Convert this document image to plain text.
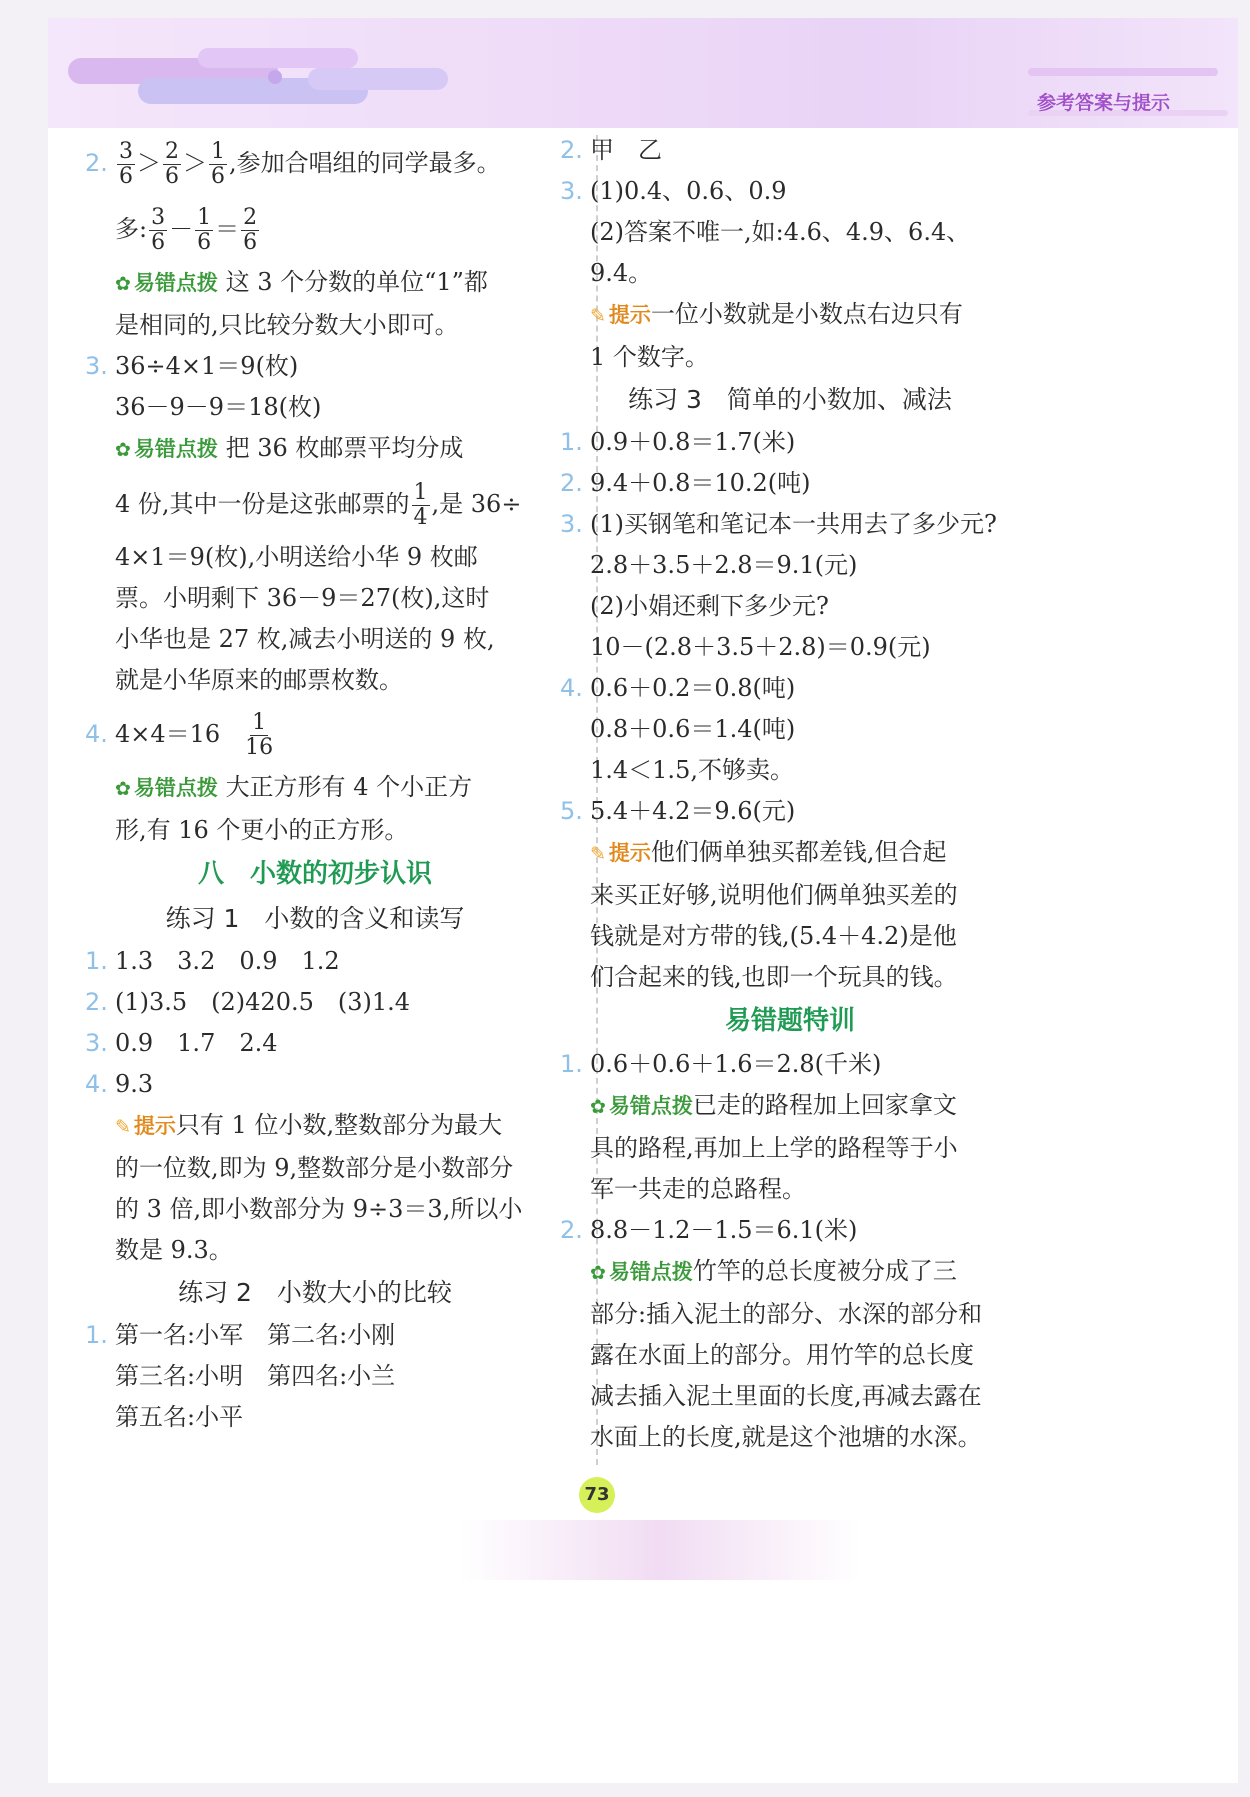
参考答案与提示
2. $\frac{3}{6} > \frac{2}{6} > \frac{1}{6}$ ,参加合唱组的同学最多。
多: $\frac{3}{6} - \frac{1}{6} = \frac{2}{6}$
✿ 易错点拨 这 3 个分数的单位“1”都
是相同的,只比较分数大小即可。
3. 36÷4×1＝9(枚)
36－9－9＝18(枚)
✿ 易错点拨 把 36 枚邮票平均分成
4 份,其中一份是这张邮票的 $\frac{1}{4}$ ,是 36÷
4×1＝9(枚),小明送给小华 9 枚邮
票。小明剩下 36－9＝27(枚),这时
小华也是 27 枚,减去小明送的 9 枚,
就是小华原来的邮票枚数。
4. $4\times 4=16 \frac{1}{16}$
✿ 易错点拨 大正方形有 4 个小正方
形,有 16 个更小的正方形。
八　小数的初步认识
练习 1　小数的含义和读写
1. 1.3　3.2　0.9　1.2
2. (1)3.5　(2)420.5　(3)1.4
3. 0.9　1.7　2.4
4. 9.3
✎ 提示只有 1 位小数,整数部分为最大
的一位数,即为 9,整数部分是小数部分
的 3 倍,即小数部分为 9÷3＝3,所以小
数是 9.3。
练习 2　小数大小的比较
1. 第一名:小军　第二名:小刚
第三名:小明　第四名:小兰
第五名:小平
2. 甲　乙
3. (1)0.4、0.6、0.9
(2)答案不唯一,如:4.6、4.9、6.4、
9.4。
✎ 提示一位小数就是小数点右边只有
1 个数字。
练习 3　简单的小数加、减法
1. 0.9＋0.8＝1.7(米)
2. 9.4＋0.8＝10.2(吨)
3. (1)买钢笔和笔记本一共用去了多少元?
2.8＋3.5＋2.8＝9.1(元)
(2)小娟还剩下多少元?
10－(2.8＋3.5＋2.8)＝0.9(元)
4. 0.6＋0.2＝0.8(吨)
0.8＋0.6＝1.4(吨)
1.4＜1.5,不够卖。
5. 5.4＋4.2＝9.6(元)
✎ 提示他们俩单独买都差钱,但合起
来买正好够,说明他们俩单独买差的
钱就是对方带的钱,(5.4＋4.2)是他
们合起来的钱,也即一个玩具的钱。
易错题特训
1. 0.6＋0.6＋1.6＝2.8(千米)
✿ 易错点拨已走的路程加上回家拿文
具的路程,再加上上学的路程等于小
军一共走的总路程。
2. 8.8－1.2－1.5＝6.1(米)
✿ 易错点拨竹竿的总长度被分成了三
部分:插入泥土的部分、水深的部分和
露在水面上的部分。用竹竿的总长度
减去插入泥土里面的长度,再减去露在
水面上的长度,就是这个池塘的水深。
73
